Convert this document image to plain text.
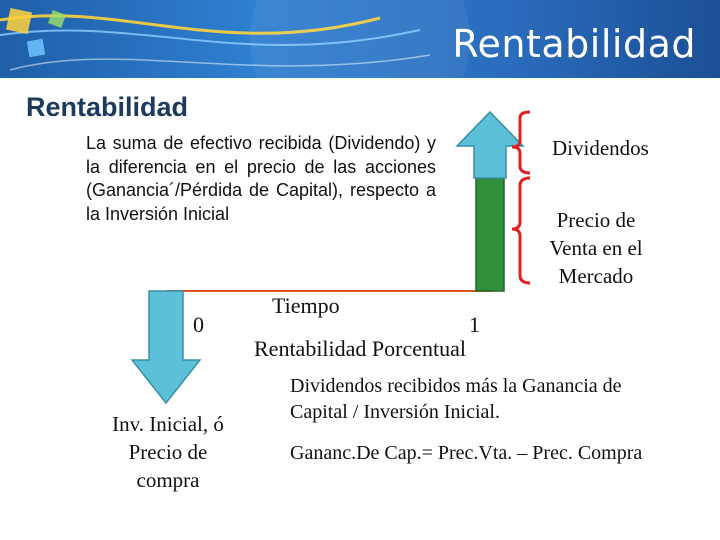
Rentabilidad
Rentabilidad
La suma de efectivo recibida (Dividendo) y la diferencia en el precio de las acciones (Ganancia´/Pérdida de Capital), respecto a la Inversión Inicial
Dividendos
Precio de Venta en el Mercado
Tiempo
0	1
Rentabilidad Porcentual
Inv. Inicial, ó Precio de compra
Dividendos recibidos más la Ganancia de Capital / Inversión Inicial.
Gananc.De Cap.= Prec.Vta. – Prec. Compra
